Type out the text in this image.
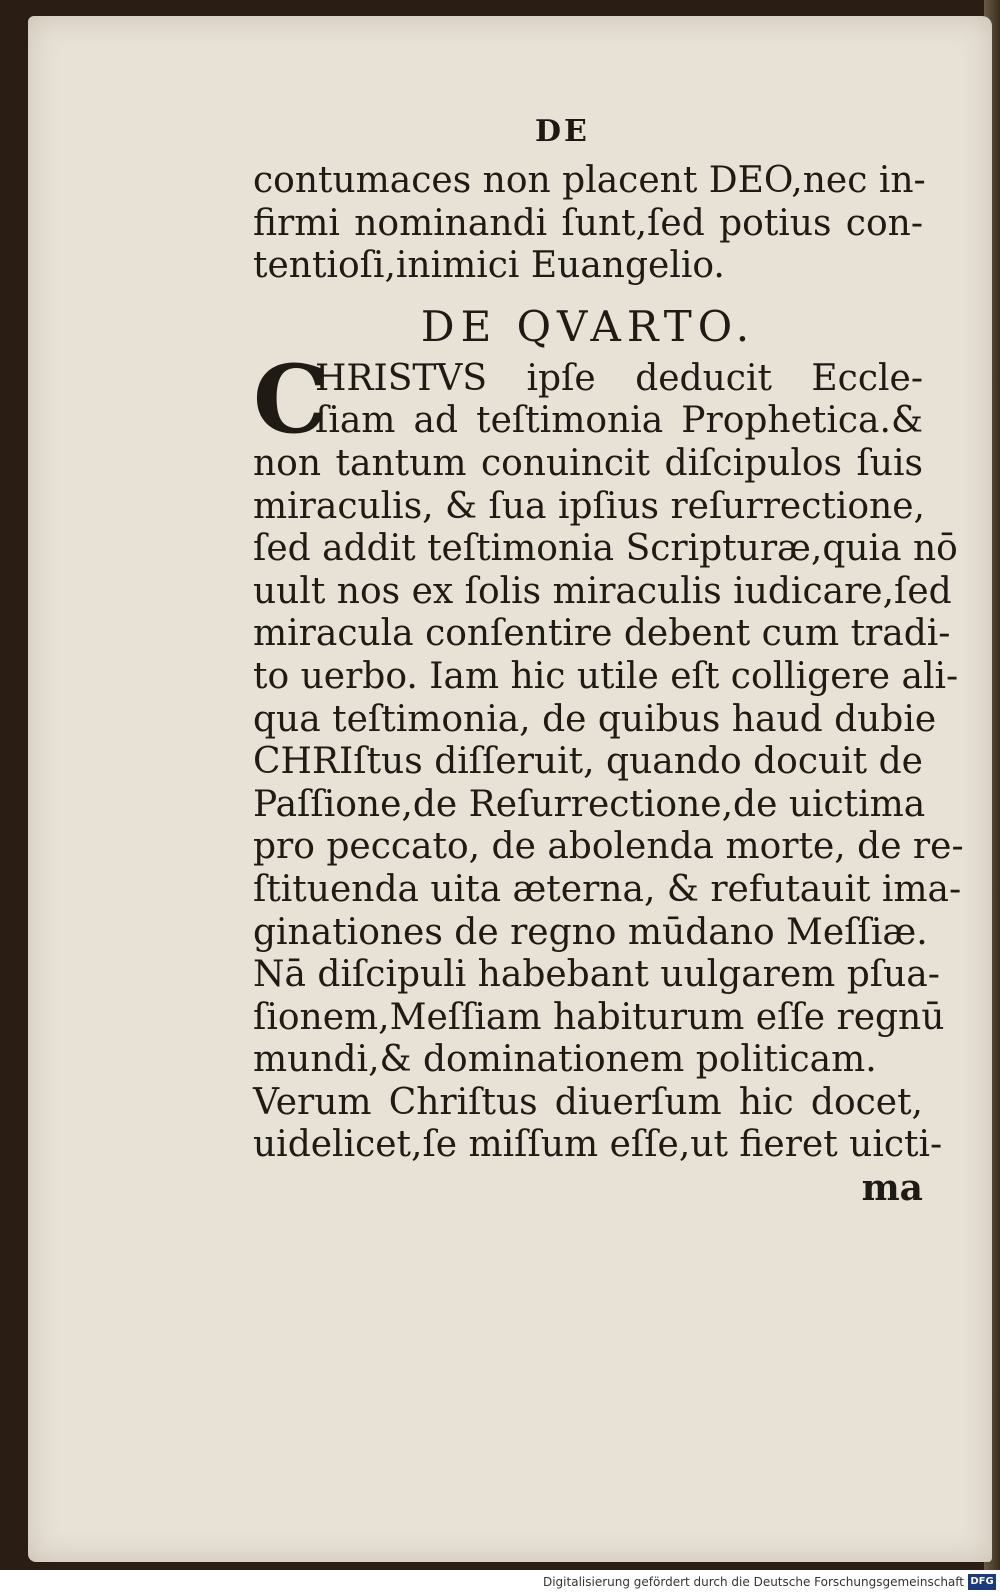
DE
contumaces non placent DEO,nec in-
firmi nominandi ſunt,ſed potius con-
tentioſi,inimici Euangelio.
DE QVARTO.
C
HRISTVS ipſe deducit Eccle-
ſiam ad teſtimonia Prophetica.&
non tantum conuincit diſcipulos ſuis
miraculis, & ſua ipſius reſurrectione,
ſed addit teſtimonia Scripturæ,quia nō
uult nos ex ſolis miraculis iudicare,ſed
miracula conſentire debent cum tradi-
to uerbo. Iam hic utile eſt colligere ali-
qua teſtimonia, de quibus haud dubie
CHRIſtus diſſeruit, quando docuit de
Paſſione,de Reſurrectione,de uictima
pro peccato, de abolenda morte, de re-
ſtituenda uita æterna, & refutauit ima-
ginationes de regno mūdano Meſſiæ.
Nā diſcipuli habebant uulgarem pſua-
ſionem,Meſſiam habiturum eſſe regnū
mundi,& dominationem politicam.
Verum Chriſtus diuerſum hic docet,
uidelicet,ſe miſſum eſſe,ut fieret uicti-
ma
Digitalisierung gefördert durch die Deutsche Forschungsgemeinschaft DFG
